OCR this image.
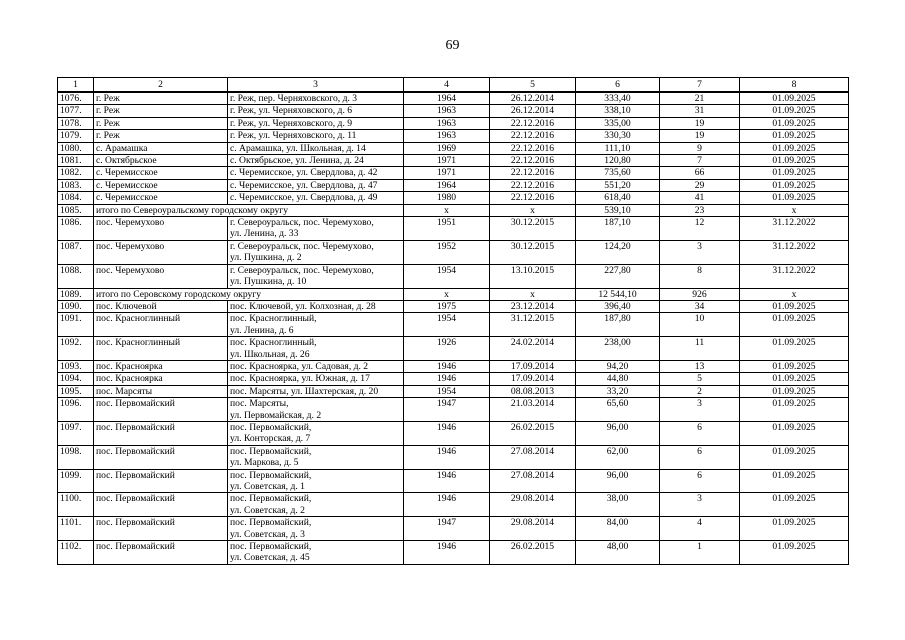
69
1	2	3	4	5	6	7	8
1076.	г. Реж	г. Реж, пер. Черняховского, д. 3	1964	26.12.2014	333,40	21	01.09.2025
1077.	г. Реж	г. Реж, ул. Черняховского, д. 6	1963	26.12.2014	338,10	31	01.09.2025
1078.	г. Реж	г. Реж, ул. Черняховского, д. 9	1963	22.12.2016	335,00	19	01.09.2025
1079.	г. Реж	г. Реж, ул. Черняховского, д. 11	1963	22.12.2016	330,30	19	01.09.2025
1080.	с. Арамашка	с. Арамашка, ул. Школьная, д. 14	1969	22.12.2016	111,10	9	01.09.2025
1081.	с. Октябрьское	с. Октябрьское, ул. Ленина, д. 24	1971	22.12.2016	120,80	7	01.09.2025
1082.	с. Черемисское	с. Черемисское, ул. Свердлова, д. 42	1971	22.12.2016	735,60	66	01.09.2025
1083.	с. Черемисское	с. Черемисское, ул. Свердлова, д. 47	1964	22.12.2016	551,20	29	01.09.2025
1084.	с. Черемисское	с. Черемисское, ул. Свердлова, д. 49	1980	22.12.2016	618,40	41	01.09.2025
1085.	итого по Североуральскому городскому округу		х	х	539,10	23	х
1086.	пос. Черемухово	г. Североуральск, пос. Черемухово,
ул. Ленина, д. 33	1951	30.12.2015	187,10	12	31.12.2022
1087.	пос. Черемухово	г. Североуральск, пос. Черемухово,
ул. Пушкина, д. 2	1952	30.12.2015	124,20	3	31.12.2022
1088.	пос. Черемухово	г. Североуральск, пос. Черемухово,
ул. Пушкина, д. 10	1954	13.10.2015	227,80	8	31.12.2022
1089.	итого по Серовскому городскому округу		х	х	12 544,10	926	х
1090.	пос. Ключевой	пос. Ключевой, ул. Колхозная, д. 28	1975	23.12.2014	396,40	34	01.09.2025
1091.	пос. Красноглинный	пос. Красноглинный,
ул. Ленина, д. 6	1954	31.12.2015	187,80	10	01.09.2025
1092.	пос. Красноглинный	пос. Красноглинный,
ул. Школьная, д. 26	1926	24.02.2014	238,00	11	01.09.2025
1093.	пос. Красноярка	пос. Красноярка, ул. Садовая, д. 2	1946	17.09.2014	94,20	13	01.09.2025
1094.	пос. Красноярка	пос. Красноярка, ул. Южная, д. 17	1946	17.09.2014	44,80	5	01.09.2025
1095.	пос. Марсяты	пос. Марсяты, ул. Шахтерская, д. 20	1954	08.08.2013	33,20	2	01.09.2025
1096.	пос. Первомайский	пос. Марсяты,
ул. Первомайская, д. 2	1947	21.03.2014	65,60	3	01.09.2025
1097.	пос. Первомайский	пос. Первомайский,
ул. Конторская, д. 7	1946	26.02.2015	96,00	6	01.09.2025
1098.	пос. Первомайский	пос. Первомайский,
ул. Маркова, д. 5	1946	27.08.2014	62,00	6	01.09.2025
1099.	пос. Первомайский	пос. Первомайский,
ул. Советская, д. 1	1946	27.08.2014	96,00	6	01.09.2025
1100.	пос. Первомайский	пос. Первомайский,
ул. Советская, д. 2	1946	29.08.2014	38,00	3	01.09.2025
1101.	пос. Первомайский	пос. Первомайский,
ул. Советская, д. 3	1947	29.08.2014	84,00	4	01.09.2025
1102.	пос. Первомайский	пос. Первомайский,
ул. Советская, д. 45	1946	26.02.2015	48,00	1	01.09.2025
